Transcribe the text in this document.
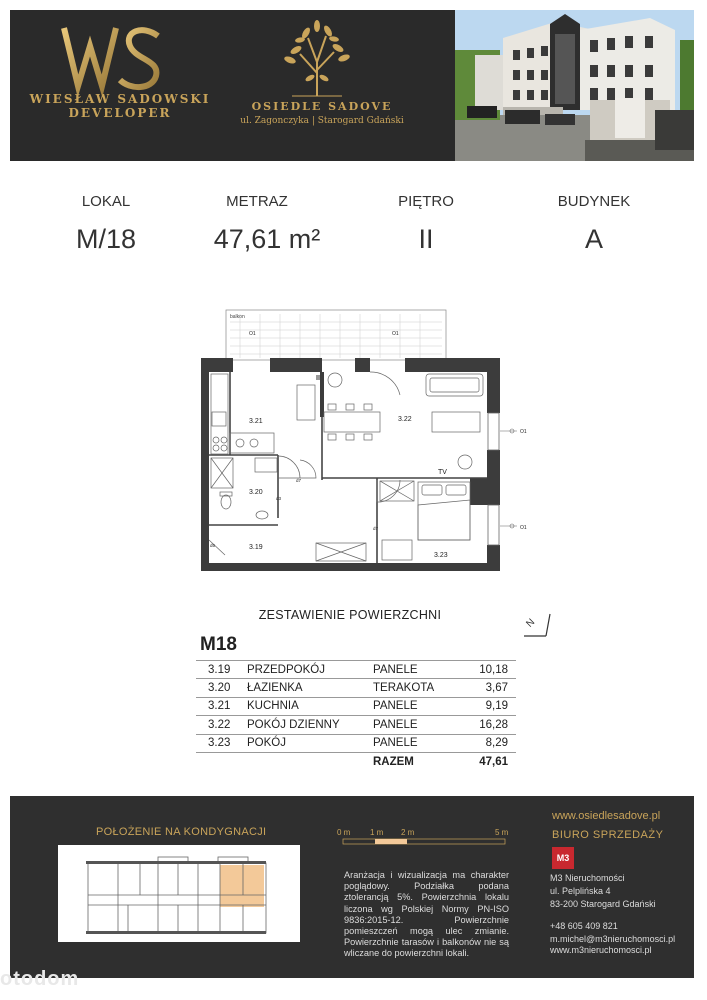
WIESŁAW SADOWSKI
DEVELOPER	OSIEDLE SADOVE
ul. Zagonczyka | Starogard Gdański
LOKAL
M/18
METRAZ
47,61 m²
PIĘTRO
II
BUDYNEK
A
balkon
3.21	3.22
3.20
3.19
3.23
TV
O1	O1
O1
O1
d7
d3
d7
d5
ZESTAWIENIE POWIERZCHNI
M18
N
3.19	PRZEDPOKÓJ	PANELE	10,18
3.20	ŁAZIENKA	TERAKOTA	3,67
3.21	KUCHNIA	PANELE	9,19
3.22	POKÓJ DZIENNY	PANELE	16,28
3.23	POKÓJ	PANELE	8,29
		RAZEM	47,61
POŁOŻENIE NA KONDYGNACJI	0 m 1 m 2 m	5 m
Aranżacja i wizualizacja ma charakter poglądowy. Podziałka podana ztolerancją 5%. Powierzchnia lokalu liczona wg Polskiej Normy PN-ISO 9836:2015-12. Powierzchnie pomieszczeń mogą ulec zmianie. Powierzchnie tarasów i balkonów nie są wliczane do powierzchni lokali.
www.osiedlesadove.pl
BIURO SPRZEDAŻY
M3
M3 Nieruchomości
ul. Pelplińska 4
83-200 Starogard Gdański
+48 605 409 821
m.michel@m3nieruchomosci.pl
www.m3nieruchomosci.pl
otodom
